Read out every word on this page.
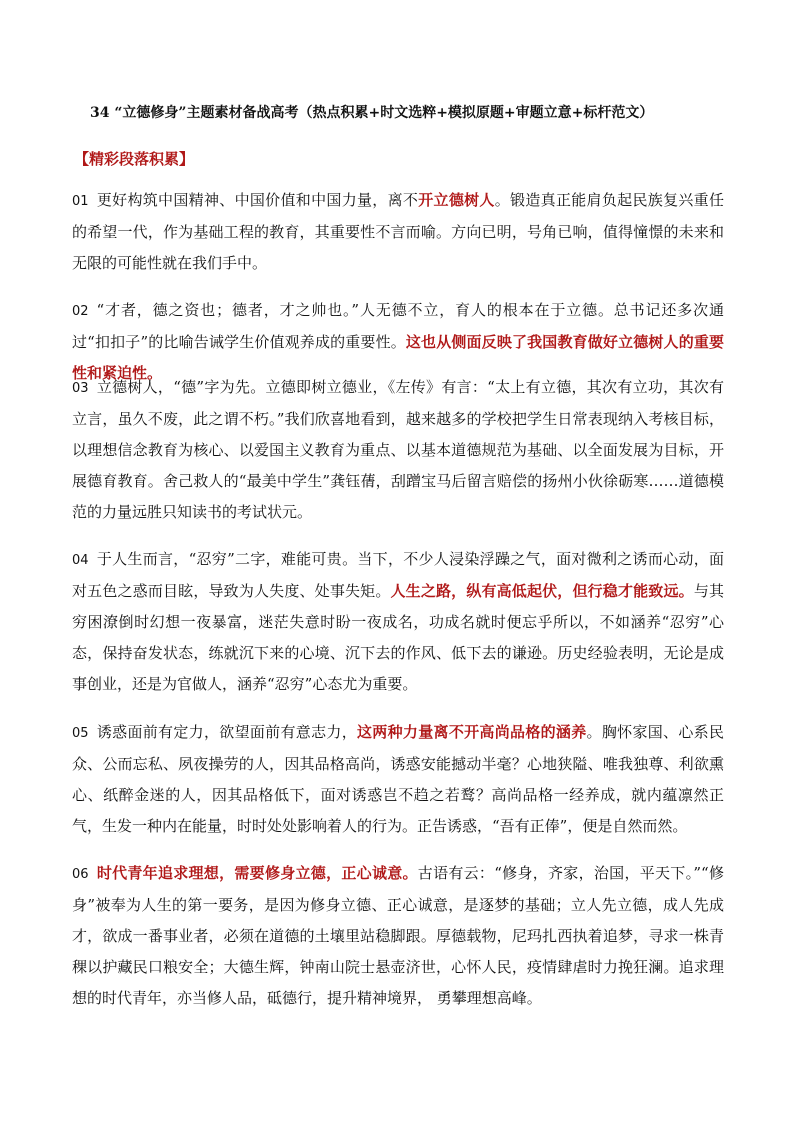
34 “立德修身”主题素材备战高考（热点积累+时文选粹+模拟原题+审题立意+标杆范文）
【精彩段落积累】
01 更好构筑中国精神、中国价值和中国力量，离不开立德树人。锻造真正能肩负起民族复兴重任的希望一代，作为基础工程的教育，其重要性不言而喻。方向已明，号角已响，值得憧憬的未来和无限的可能性就在我们手中。
02 “才者，德之资也；德者，才之帅也。”人无德不立，育人的根本在于立德。总书记还多次通过“扣扣子”的比喻告诫学生价值观养成的重要性。这也从侧面反映了我国教育做好立德树人的重要性和紧迫性。
03 立德树人，“德”字为先。立德即树立德业，《左传》有言：“太上有立德，其次有立功，其次有立言，虽久不废，此之谓不朽。”我们欣喜地看到，越来越多的学校把学生日常表现纳入考核目标，以理想信念教育为核心、以爱国主义教育为重点、以基本道德规范为基础、以全面发展为目标，开展德育教育。舍己救人的“最美中学生”龚钰蒨，刮蹭宝马后留言赔偿的扬州小伙徐砺寒……道德模范的力量远胜只知读书的考试状元。
04 于人生而言，“忍穷”二字，难能可贵。当下，不少人浸染浮躁之气，面对微利之诱而心动，面对五色之惑而目眩，导致为人失度、处事失矩。人生之路，纵有高低起伏，但行稳才能致远。与其穷困潦倒时幻想一夜暴富，迷茫失意时盼一夜成名，功成名就时便忘乎所以，不如涵养“忍穷”心态，保持奋发状态，练就沉下来的心境、沉下去的作风、低下去的谦逊。历史经验表明，无论是成事创业，还是为官做人，涵养“忍穷”心态尤为重要。
05 诱惑面前有定力，欲望面前有意志力，这两种力量离不开高尚品格的涵养。胸怀家国、心系民众、公而忘私、夙夜操劳的人，因其品格高尚，诱惑安能撼动半毫？心地狭隘、唯我独尊、利欲熏心、纸醉金迷的人，因其品格低下，面对诱惑岂不趋之若鹜？高尚品格一经养成，就内蕴凛然正气，生发一种内在能量，时时处处影响着人的行为。正告诱惑，“吾有正俸”，便是自然而然。
06 时代青年追求理想，需要修身立德，正心诚意。古语有云：“修身，齐家，治国，平天下。”“修身”被奉为人生的第一要务，是因为修身立德、正心诚意，是逐梦的基础；立人先立德，成人先成才，欲成一番事业者，必须在道德的土壤里站稳脚跟。厚德载物，尼玛扎西执着追梦，寻求一株青稞以护藏民口粮安全；大德生辉，钟南山院士悬壶济世，心怀人民，疫情肆虐时力挽狂澜。追求理想的时代青年，亦当修人品，砥德行，提升精神境界， 勇攀理想高峰。
